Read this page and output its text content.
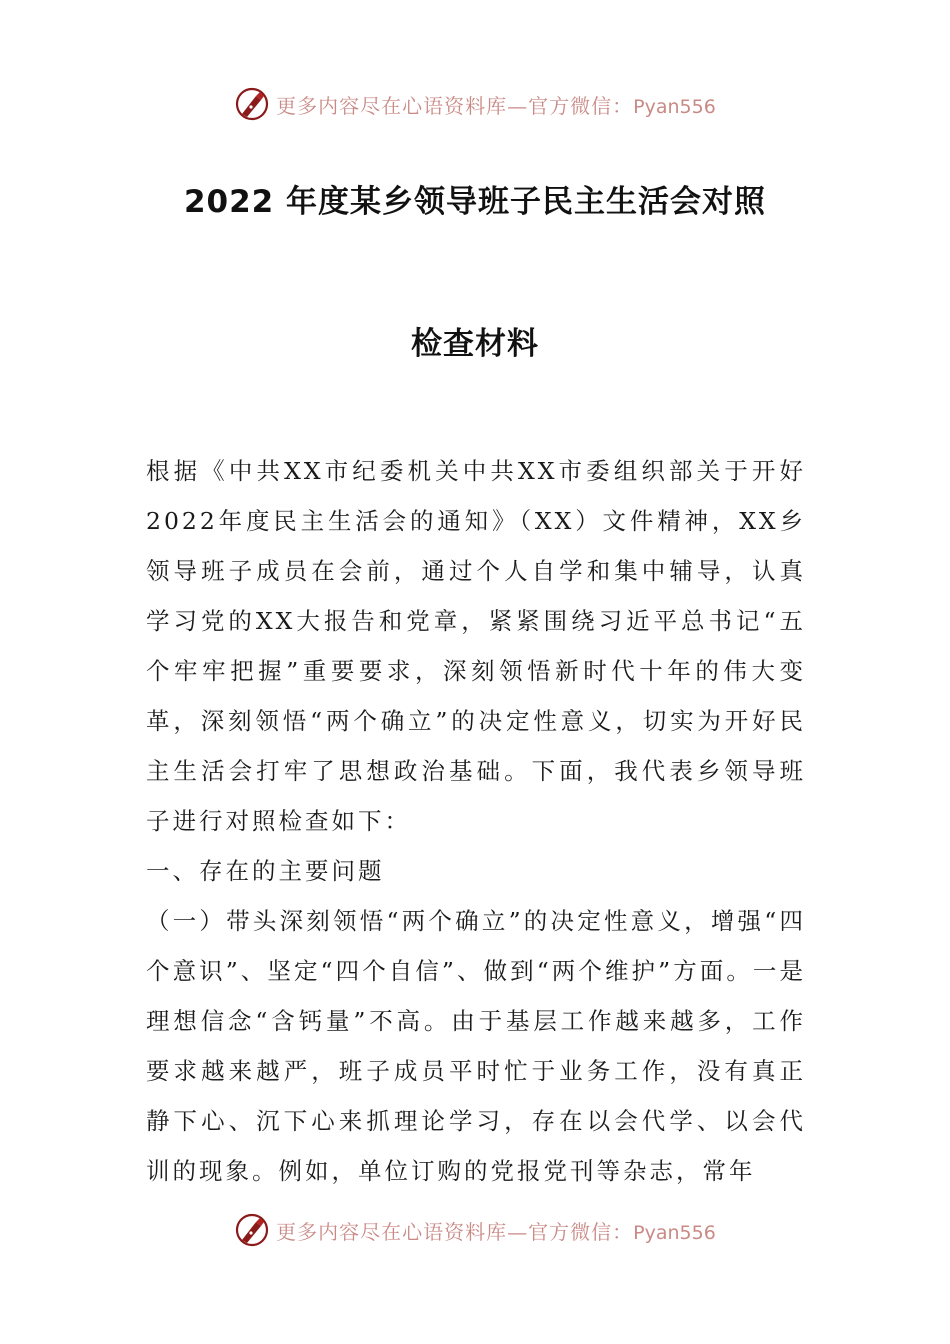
更多内容尽在心语资料库—官方微信：Pyan556
2022 年度某乡领导班子民主生活会对照
检查材料

根据《中共XX市纪委机关中共XX市委组织部关于开好2022年度民主生活会的通知》（XX）文件精神，XX乡领导班子成员在会前，通过个人自学和集中辅导，认真学习党的XX大报告和党章，紧紧围绕习近平总书记“五个牢牢把握”重要要求，深刻领悟新时代十年的伟大变革，深刻领悟“两个确立”的决定性意义，切实为开好民主生活会打牢了思想政治基础。下面，我代表乡领导班子进行对照检查如下：

一、存在的主要问题

（一）带头深刻领悟“两个确立”的决定性意义，增强“四个意识”、坚定“四个自信”、做到“两个维护”方面。一是理想信念“含钙量”不高。由于基层工作越来越多，工作要求越来越严，班子成员平时忙于业务工作，没有真正静下心、沉下心来抓理论学习，存在以会代学、以会代训的现象。例如，单位订购的党报党刊等杂志，常年

更多内容尽在心语资料库—官方微信：Pyan556
